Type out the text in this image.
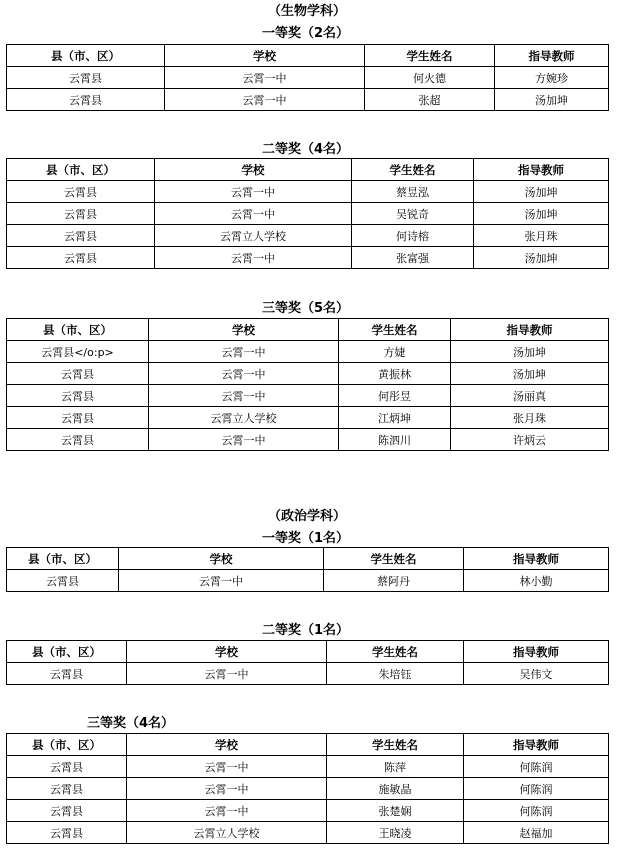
（生物学科）
一等奖（2名）
县（市、区）	学校	学生姓名	指导教师
云霄县	云霄一中	何火德	方婉珍
云霄县	云霄一中	张超	汤加坤
二等奖（4名）
县（市、区）	学校	学生姓名	指导教师
云霄县	云霄一中	蔡昱泓	汤加坤
云霄县	云霄一中	吴锐奇	汤加坤
云霄县	云霄立人学校	何诗榕	张月珠
云霄县	云霄一中	张富强	汤加坤
三等奖（5名）
县（市、区）	学校	学生姓名	指导教师
云霄县</o:p>	云霄一中	方婕	汤加坤
云霄县	云霄一中	黄振林	汤加坤
云霄县	云霄一中	何彤昱	汤丽真
云霄县	云霄立人学校	江炳坤	张月珠
云霄县	云霄一中	陈泗川	许炳云
（政治学科）
一等奖（1名）
县（市、区）	学校	学生姓名	指导教师
云霄县	云霄一中	蔡阿丹	林小勤
二等奖（1名）
县（市、区）	学校	学生姓名	指导教师
云霄县	云霄一中	朱培钰	吴伟文
三等奖（4名）
县（市、区）	学校	学生姓名	指导教师
云霄县	云霄一中	陈萍	何陈润
云霄县	云霄一中	施敏晶	何陈润
云霄县	云霄一中	张楚娴	何陈润
云霄县	云霄立人学校	王晓凌	赵福加
